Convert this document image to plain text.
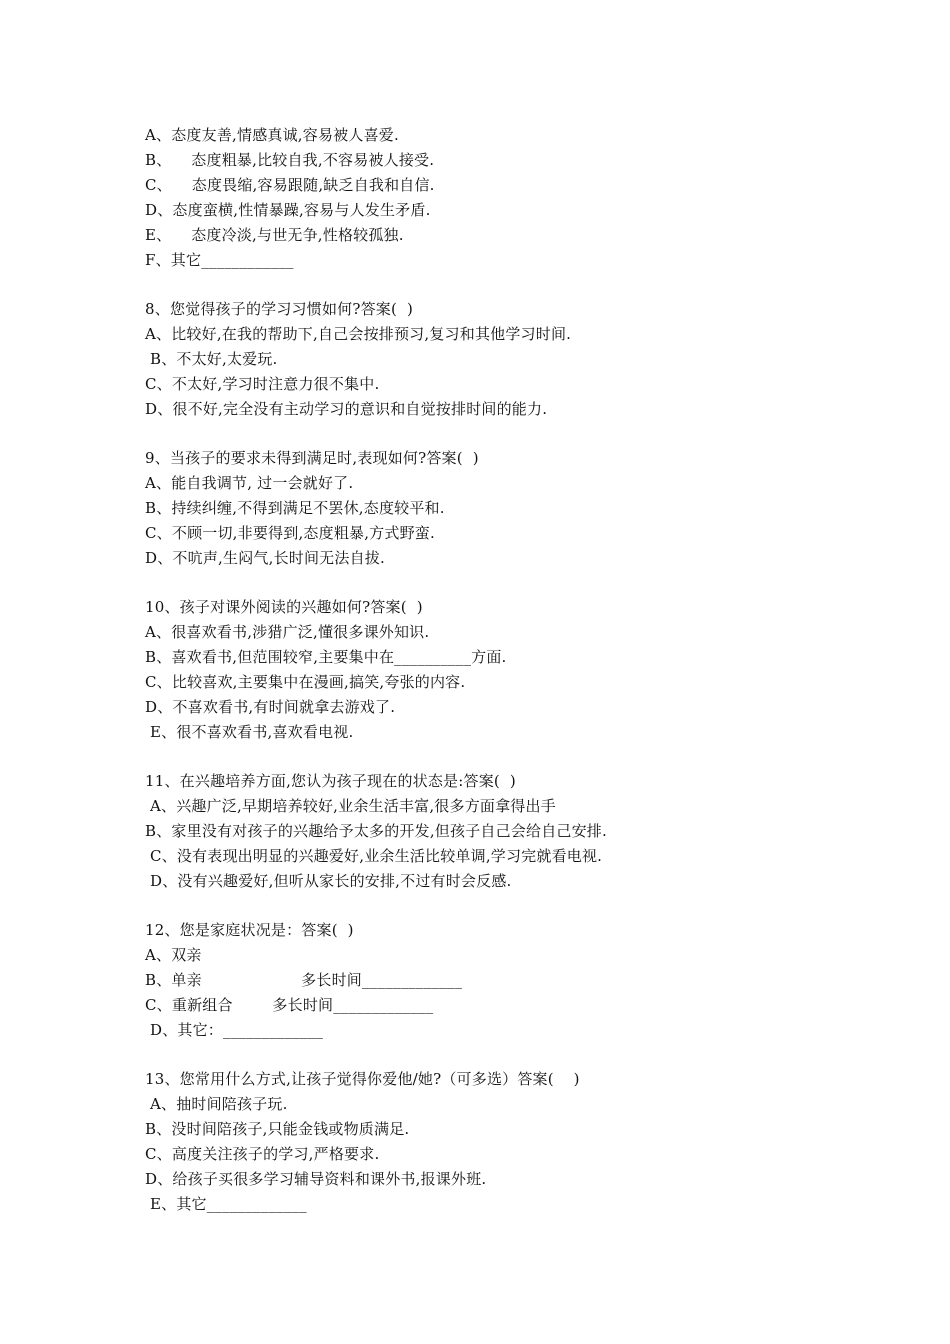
A、态度友善,情感真诚,容易被人喜爱.
B、    态度粗暴,比较自我,不容易被人接受.
C、    态度畏缩,容易跟随,缺乏自我和自信.
D、态度蛮横,性情暴躁,容易与人发生矛盾.
E、    态度冷淡,与世无争,性格较孤独.
F、其它____________
8、您觉得孩子的学习习惯如何?答案(  )
A、比较好,在我的帮助下,自己会按排预习,复习和其他学习时间.
B、不太好,太爱玩.
C、不太好,学习时注意力很不集中.
D、很不好,完全没有主动学习的意识和自觉按排时间的能力.
9、当孩子的要求未得到满足时,表现如何?答案(  )
A、能自我调节, 过一会就好了.
B、持续纠缠,不得到满足不罢休,态度较平和.
C、不顾一切,非要得到,态度粗暴,方式野蛮.
D、不吭声,生闷气,长时间无法自拔.
10、孩子对课外阅读的兴趣如何?答案(  )
A、很喜欢看书,涉猎广泛,懂很多课外知识.
B、喜欢看书,但范围较窄,主要集中在__________方面.
C、比较喜欢,主要集中在漫画,搞笑,夸张的内容.
D、不喜欢看书,有时间就拿去游戏了.
E、很不喜欢看书,喜欢看电视.
11、在兴趣培养方面,您认为孩子现在的状态是:答案(  )
A、兴趣广泛,早期培养较好,业余生活丰富,很多方面拿得出手
B、家里没有对孩子的兴趣给予太多的开发,但孩子自己会给自己安排.
C、没有表现出明显的兴趣爱好,业余生活比较单调,学习完就看电视.
D、没有兴趣爱好,但听从家长的安排,不过有时会反感.
12、您是家庭状况是：答案(  )
A、双亲
B、单亲                    多长时间_____________
C、重新组合        多长时间_____________
D、其它：_____________
13、您常用什么方式,让孩子觉得你爱他/她?（可多选）答案(    )
A、抽时间陪孩子玩.
B、没时间陪孩子,只能金钱或物质满足.
C、高度关注孩子的学习,严格要求.
D、给孩子买很多学习辅导资料和课外书,报课外班.
E、其它_____________
